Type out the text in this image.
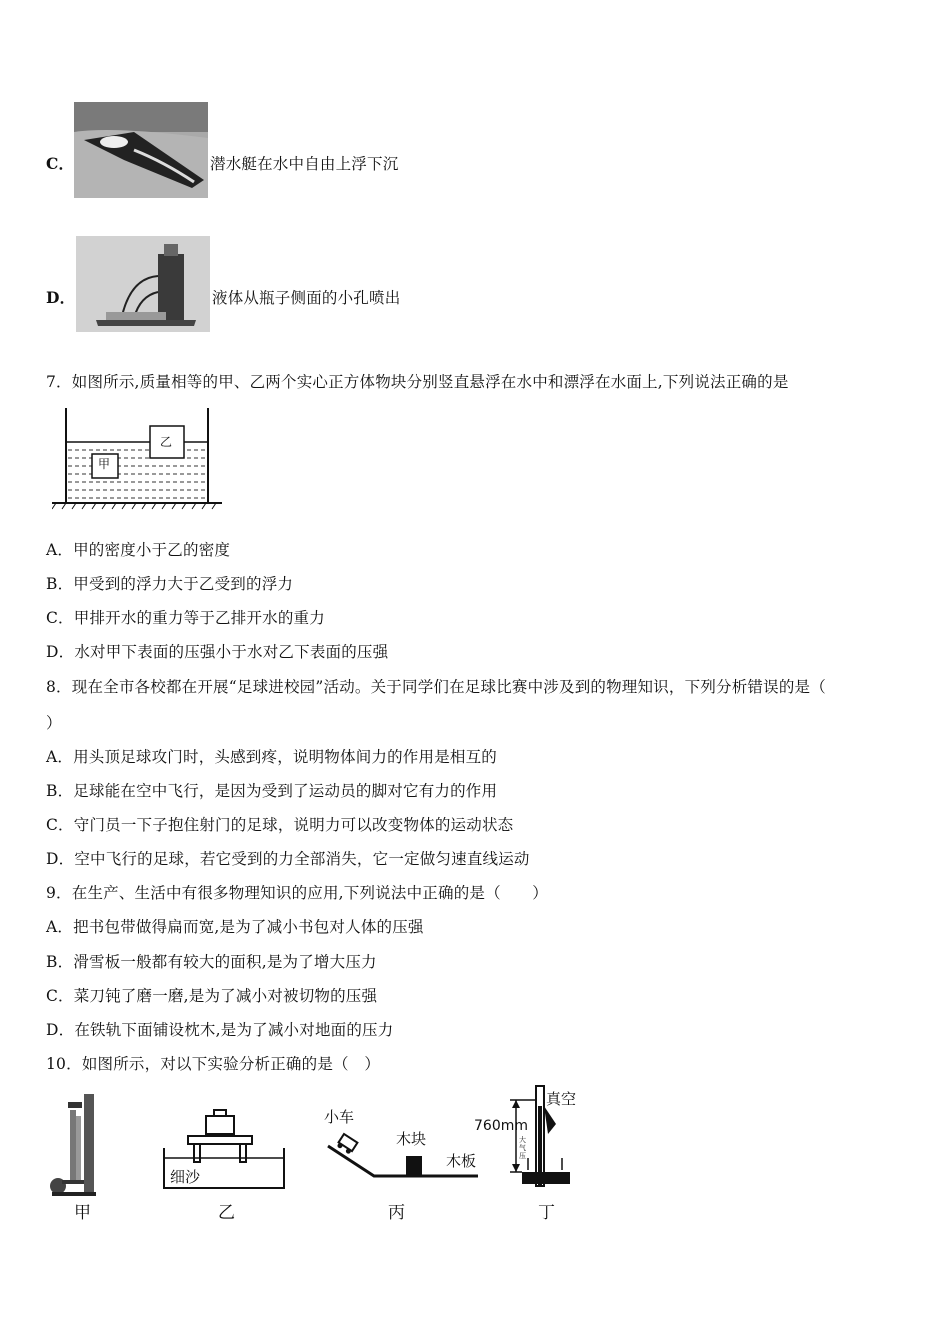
C．	潜水艇在水中自由上浮下沉
D．	液体从瓶子侧面的小孔喷出
7．如图所示,质量相等的甲、乙两个实心正方体物块分别竖直悬浮在水中和漂浮在水面上,下列说法正确的是
甲
乙
A．甲的密度小于乙的密度
B．甲受到的浮力大于乙受到的浮力
C．甲排开水的重力等于乙排开水的重力
D．水对甲下表面的压强小于水对乙下表面的压强
8．现在全市各校都在开展“足球进校园”活动。关于同学们在足球比赛中涉及到的物理知识，下列分析错误的是（
）
A．用头顶足球攻门时，头感到疼，说明物体间力的作用是相互的
B．足球能在空中飞行，是因为受到了运动员的脚对它有力的作用
C．守门员一下子抱住射门的足球，说明力可以改变物体的运动状态
D．空中飞行的足球，若它受到的力全部消失，它一定做匀速直线运动
9．在生产、生活中有很多物理知识的应用,下列说法中正确的是（　　）
A．把书包带做得扁而宽,是为了减小书包对人体的压强
B．滑雪板一般都有较大的面积,是为了增大压力
C．菜刀钝了磨一磨,是为了减小对被切物的压强
D．在铁轨下面铺设枕木,是为了减小对地面的压力
10．如图所示，对以下实验分析正确的是（　）
甲
细沙
乙
小车
木块
木板
丙
760mm
真空
大气压
丁
